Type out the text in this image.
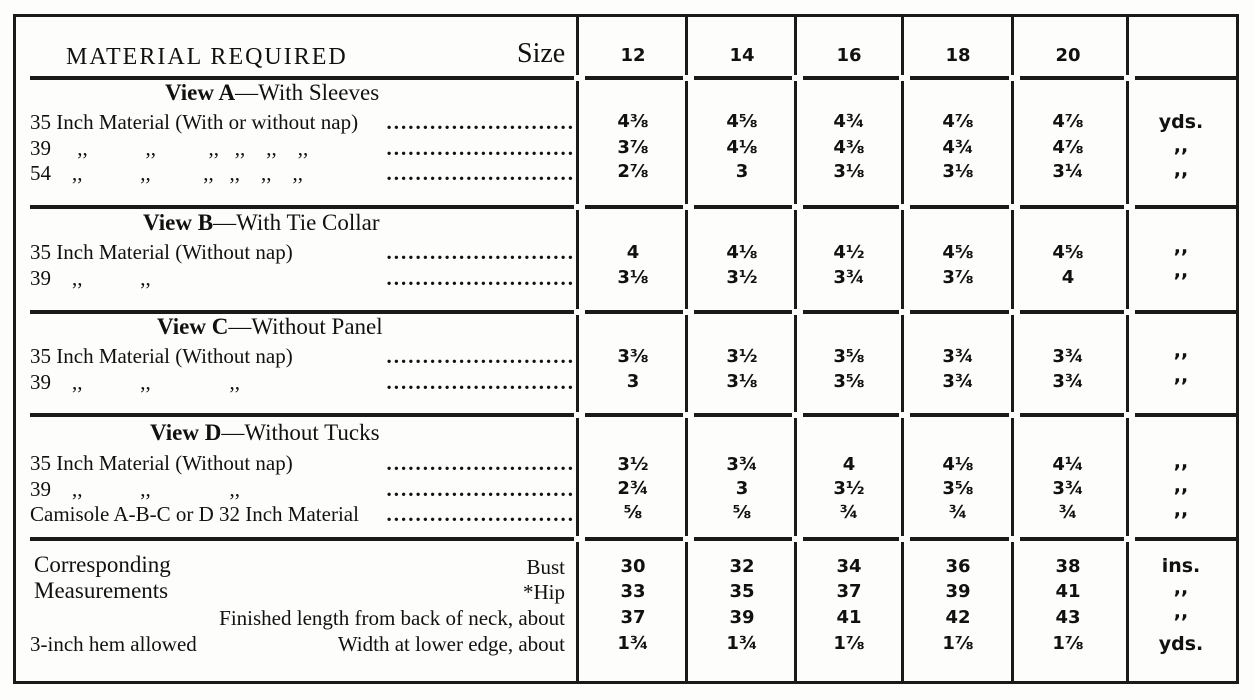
MATERIAL REQUIRED	Size	12	14	16	18	20
View A—With Sleeves
35 Inch Material (With or without nap) ..........................	4⅜	4⅝	4¾	4⅞	4⅞	yds.
39     ,,           ,,          ,,   ,,    ,,    ,,	..........................	3⅞	4⅛	4⅜	4¾	4⅞	,,
54    ,,           ,,          ,,   ,,    ,,    ,,	..........................	2⅞	3	3⅛	3⅛	3¼	,,
View B—With Tie Collar
35 Inch Material (Without nap)	..........................	4	4⅛	4½	4⅝	4⅝	,,
39    ,,           ,,	..........................	3⅛	3½	3¾	3⅞	4	,,
View C—Without Panel
35 Inch Material (Without nap)	..........................	3⅜	3½	3⅝	3¾	3¾	,,
39    ,,           ,,               ,,	..........................	3	3⅛	3⅝	3¾	3¾	,,
View D—Without Tucks
35 Inch Material (Without nap)	..........................	3½	3¾	4	4⅛	4¼	,,
39    ,,           ,,               ,,	..........................	2¾	3	3½	3⅝	3¾	,,
Camisole A-B-C or D 32 Inch Material ..........................	⅝	⅝	¾	¾	¾	,,
Corresponding
Measurements
3-inch hem allowed
Bust	30	32	34	36	38	ins.
*Hip	33	35	37	39	41	,,
Finished length from back of neck, about	37	39	41	42	43	,,
Width at lower edge, about	1¾	1¾	1⅞	1⅞	1⅞	yds.
